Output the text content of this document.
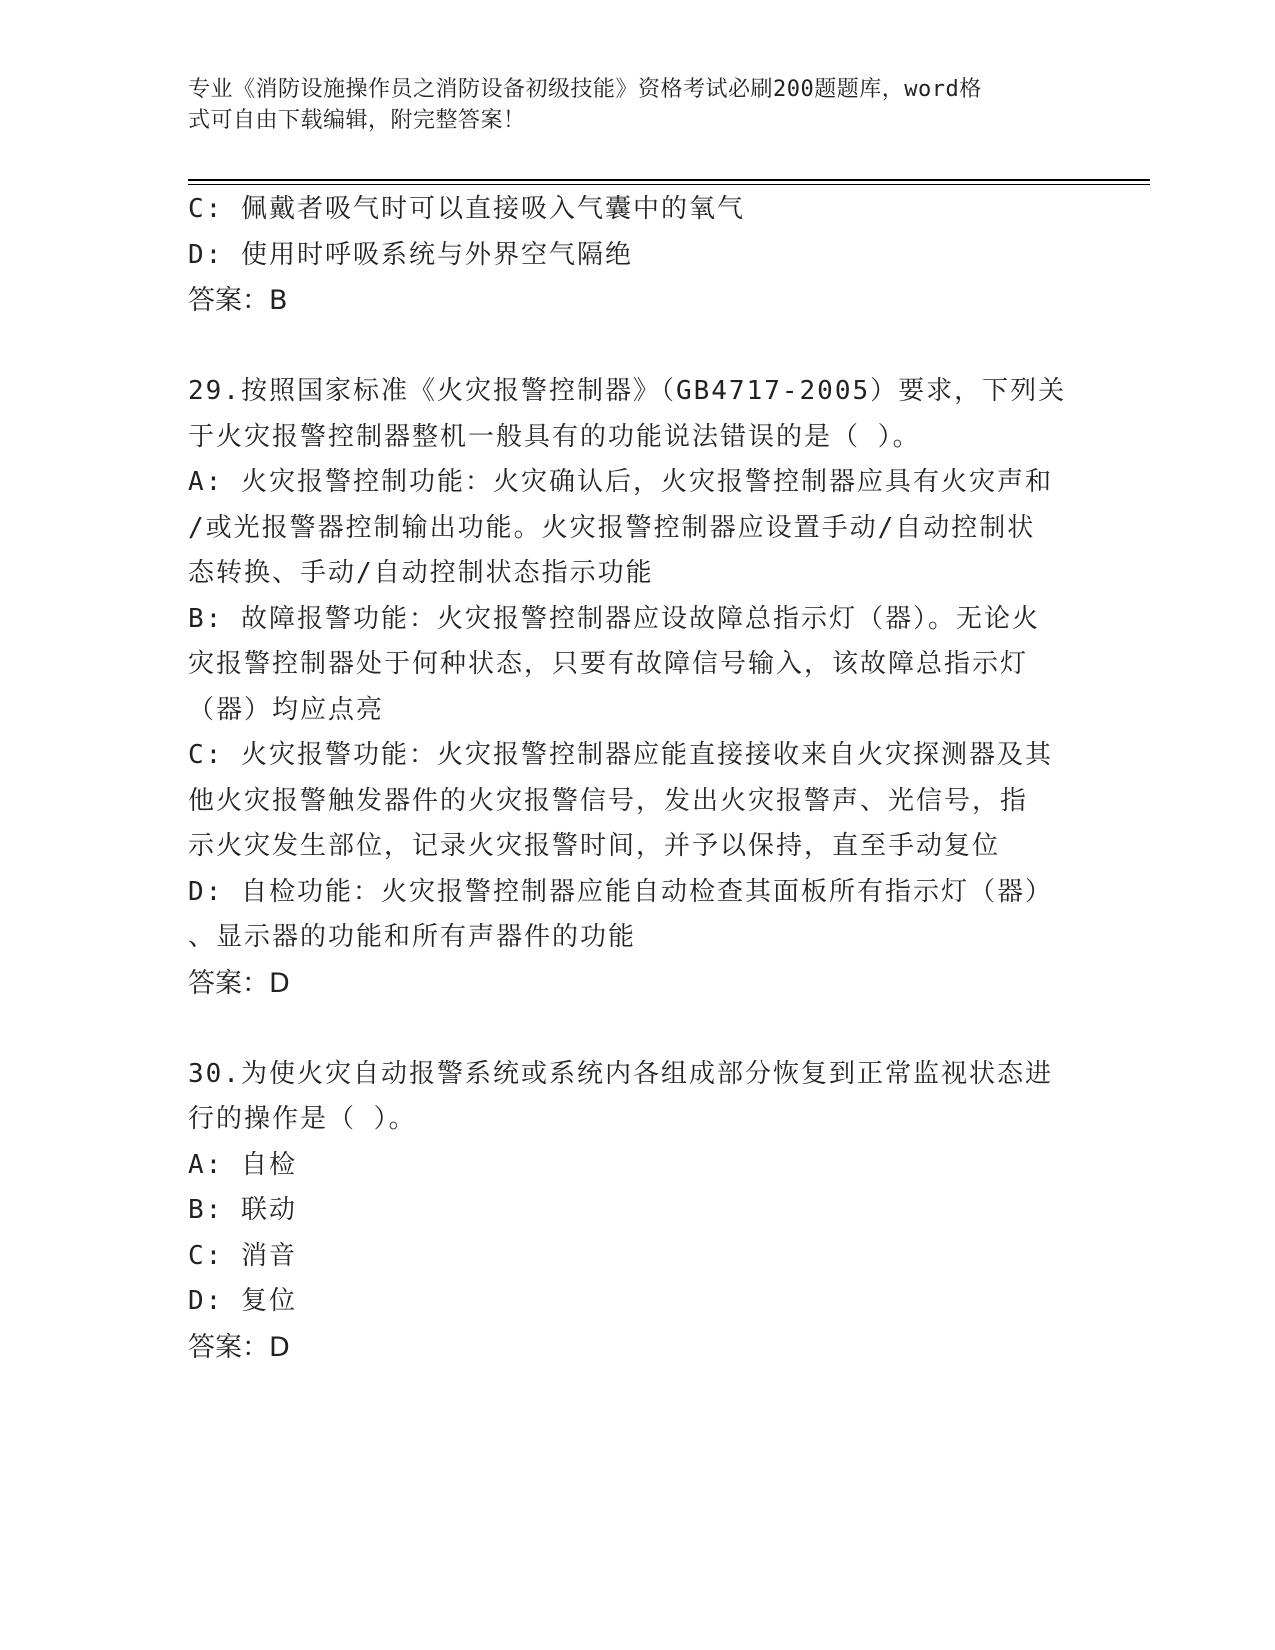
专业《消防设施操作员之消防设备初级技能》资格考试必刷200题题库，word格
式可自由下载编辑，附完整答案！
C: 佩戴者吸气时可以直接吸入气囊中的氧气
D: 使用时呼吸系统与外界空气隔绝
答案：B
29.按照国家标准《火灾报警控制器》（GB4717-2005）要求，下列关
于火灾报警控制器整机一般具有的功能说法错误的是（ ）。
A: 火灾报警控制功能：火灾确认后，火灾报警控制器应具有火灾声和
/或光报警器控制输出功能。火灾报警控制器应设置手动/自动控制状
态转换、手动/自动控制状态指示功能
B: 故障报警功能：火灾报警控制器应设故障总指示灯（器）。无论火
灾报警控制器处于何种状态，只要有故障信号输入，该故障总指示灯
（器）均应点亮
C: 火灾报警功能：火灾报警控制器应能直接接收来自火灾探测器及其
他火灾报警触发器件的火灾报警信号，发出火灾报警声、光信号，指
示火灾发生部位，记录火灾报警时间，并予以保持，直至手动复位
D: 自检功能：火灾报警控制器应能自动检查其面板所有指示灯（器）
、显示器的功能和所有声器件的功能
答案：D
30.为使火灾自动报警系统或系统内各组成部分恢复到正常监视状态进
行的操作是（ ）。
A: 自检
B: 联动
C: 消音
D: 复位
答案：D
